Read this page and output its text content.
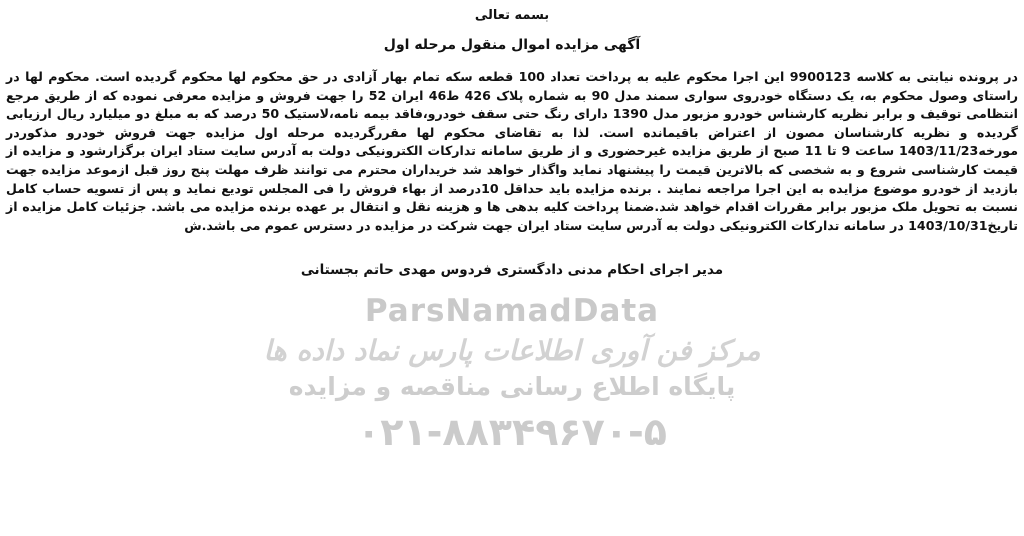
بسمه تعالی
آگهی مزایده اموال منقول مرحله اول
ParsNamadData
مرکز فن آوری اطلاعات پارس نماد داده ها
پایگاه اطلاع رسانی مناقصه و مزایده
۰۲۱-۸۸۳۴۹۶۷۰-۵
در پرونده نیابتی به کلاسه 9900123 این اجرا محکوم علیه به پرداخت تعداد 100 قطعه سکه تمام بهار آزادی در حق محکوم لها محکوم گردیده است. محکوم لها در راستای وصول محکوم به، یک دستگاه خودروی سواری سمند مدل 90 به شماره پلاک 426 ط46 ایران 52 را جهت فروش و مزایده معرفی نموده که از طریق مرجع انتظامی توقیف و برابر نظریه کارشناس خودرو مزبور مدل 1390 دارای رنگ حتی سقف خودرو،فاقد بیمه نامه،لاستیک 50 درصد که به مبلغ دو میلیارد ریال ارزیابی گردیده و نظریه کارشناسان مصون از اعتراض باقیمانده است. لذا به تقاضای محکوم لها مقررگردیده مرحله اول مزایده جهت فروش خودرو مذکوردر مورخه1403/11/23 ساعت 9 تا 11 صبح از طریق مزایده غیرحضوری و از طریق سامانه تدارکات الکترونیکی دولت به آدرس سایت ستاد ایران برگزارشود و مزایده از قیمت کارشناسی شروع و به شخصی که بالاترین قیمت را پیشنهاد نماید واگذار خواهد شد خریداران محترم می توانند ظرف مهلت پنج روز قبل ازموعد مزایده جهت بازدید از خودرو موضوع مزایده به این اجرا مراجعه نمایند . برنده مزایده باید حداقل 10درصد از بهاء فروش را فی المجلس تودیع نماید و پس از تسویه حساب کامل نسبت به تحویل ملک مزبور برابر مقررات اقدام خواهد شد.ضمنا پرداخت کلیه بدهی ها و هزینه نقل و انتقال بر عهده برنده مزایده می باشد. جزئیات کامل مزایده از تاریخ1403/10/31 در سامانه تدارکات الکترونیکی دولت به آدرس سایت ستاد ایران جهت شرکت در مزایده در دسترس عموم می باشد.ش
مدیر اجرای احکام مدنی دادگستری فردوس مهدی حاتم بجستانی
